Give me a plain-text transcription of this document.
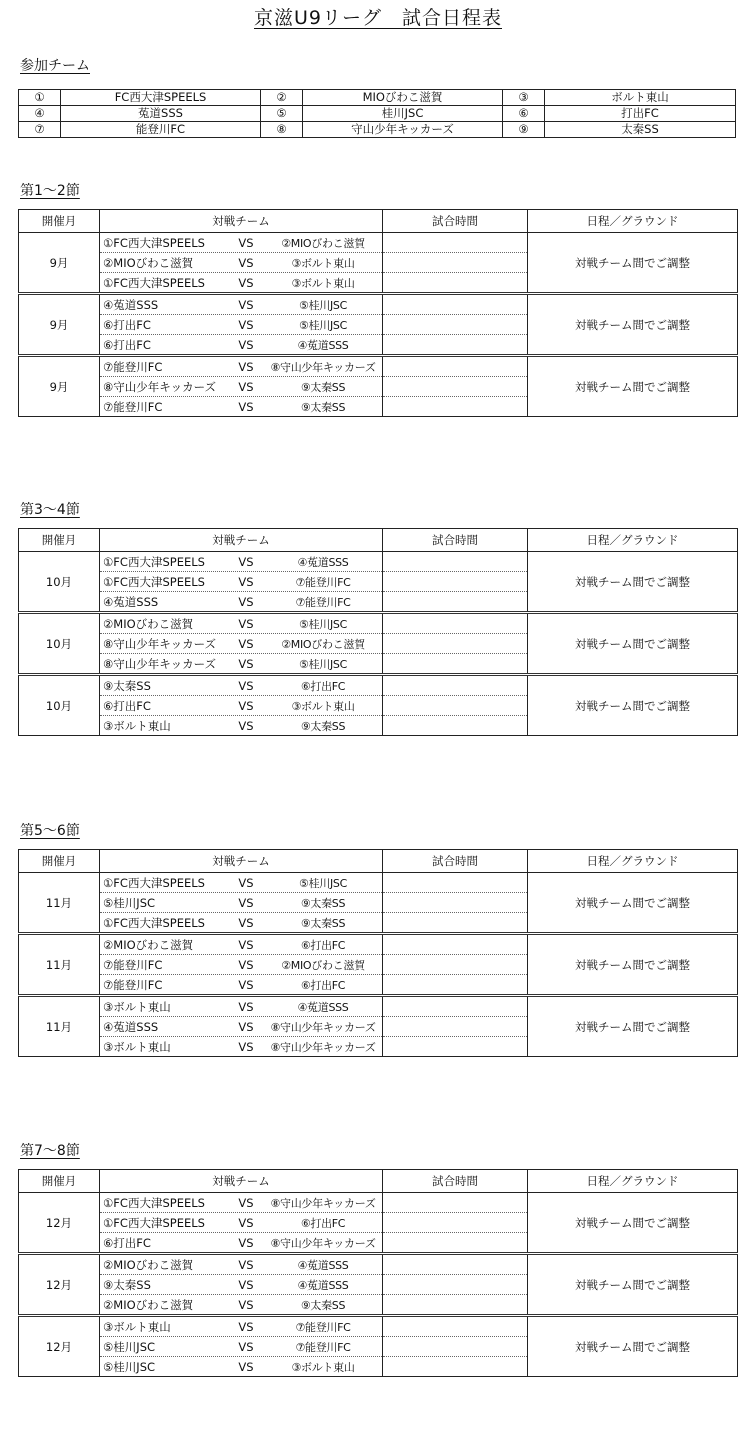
京滋U9リーグ　試合日程表
参加チーム
①	FC西大津SPEELS	②	MIOびわこ滋賀	③	ボルト東山
④	菟道SSS	⑤	桂川JSC	⑥	打出FC
⑦	能登川FC	⑧	守山少年キッカーズ	⑨	太秦SS
第1～2節
開催月	対戦チーム	試合時間	日程／グラウンド
9月	①FC西大津SPEELS VS ②MIOびわこ滋賀		対戦チーム間でご調整

	②MIOびわこ滋賀 VS ③ボルト東山		

	①FC西大津SPEELS VS ③ボルト東山		

9月	④菟道SSS VS ⑤桂川JSC		対戦チーム間でご調整

	⑥打出FC VS ⑤桂川JSC		

	⑥打出FC VS ④菟道SSS		

9月	⑦能登川FC VS ⑧守山少年キッカーズ		対戦チーム間でご調整

	⑧守山少年キッカーズ VS ⑨太秦SS		

	⑦能登川FC VS ⑨太秦SS		

第3～4節
開催月	対戦チーム	試合時間	日程／グラウンド
10月	①FC西大津SPEELS VS ④菟道SSS		対戦チーム間でご調整

	①FC西大津SPEELS VS ⑦能登川FC		

	④菟道SSS VS ⑦能登川FC		

10月	②MIOびわこ滋賀 VS ⑤桂川JSC		対戦チーム間でご調整

	⑧守山少年キッカーズ VS ②MIOびわこ滋賀		

	⑧守山少年キッカーズ VS ⑤桂川JSC		

10月	⑨太秦SS VS ⑥打出FC		対戦チーム間でご調整

	⑥打出FC VS ③ボルト東山		

	③ボルト東山 VS ⑨太秦SS		

第5～6節
開催月	対戦チーム	試合時間	日程／グラウンド
11月	①FC西大津SPEELS VS ⑤桂川JSC		対戦チーム間でご調整

	⑤桂川JSC VS ⑨太秦SS		

	①FC西大津SPEELS VS ⑨太秦SS		

11月	②MIOびわこ滋賀 VS ⑥打出FC		対戦チーム間でご調整

	⑦能登川FC VS ②MIOびわこ滋賀		

	⑦能登川FC VS ⑥打出FC		

11月	③ボルト東山 VS ④菟道SSS		対戦チーム間でご調整

	④菟道SSS VS ⑧守山少年キッカーズ		

	③ボルト東山 VS ⑧守山少年キッカーズ		

第7～8節
開催月	対戦チーム	試合時間	日程／グラウンド
12月	①FC西大津SPEELS VS ⑧守山少年キッカーズ		対戦チーム間でご調整

	①FC西大津SPEELS VS ⑥打出FC		

	⑥打出FC VS ⑧守山少年キッカーズ		

12月	②MIOびわこ滋賀 VS ④菟道SSS		対戦チーム間でご調整

	⑨太秦SS VS ④菟道SSS		

	②MIOびわこ滋賀 VS ⑨太秦SS		

12月	③ボルト東山 VS ⑦能登川FC		対戦チーム間でご調整

	⑤桂川JSC VS ⑦能登川FC		

	⑤桂川JSC VS ③ボルト東山		
